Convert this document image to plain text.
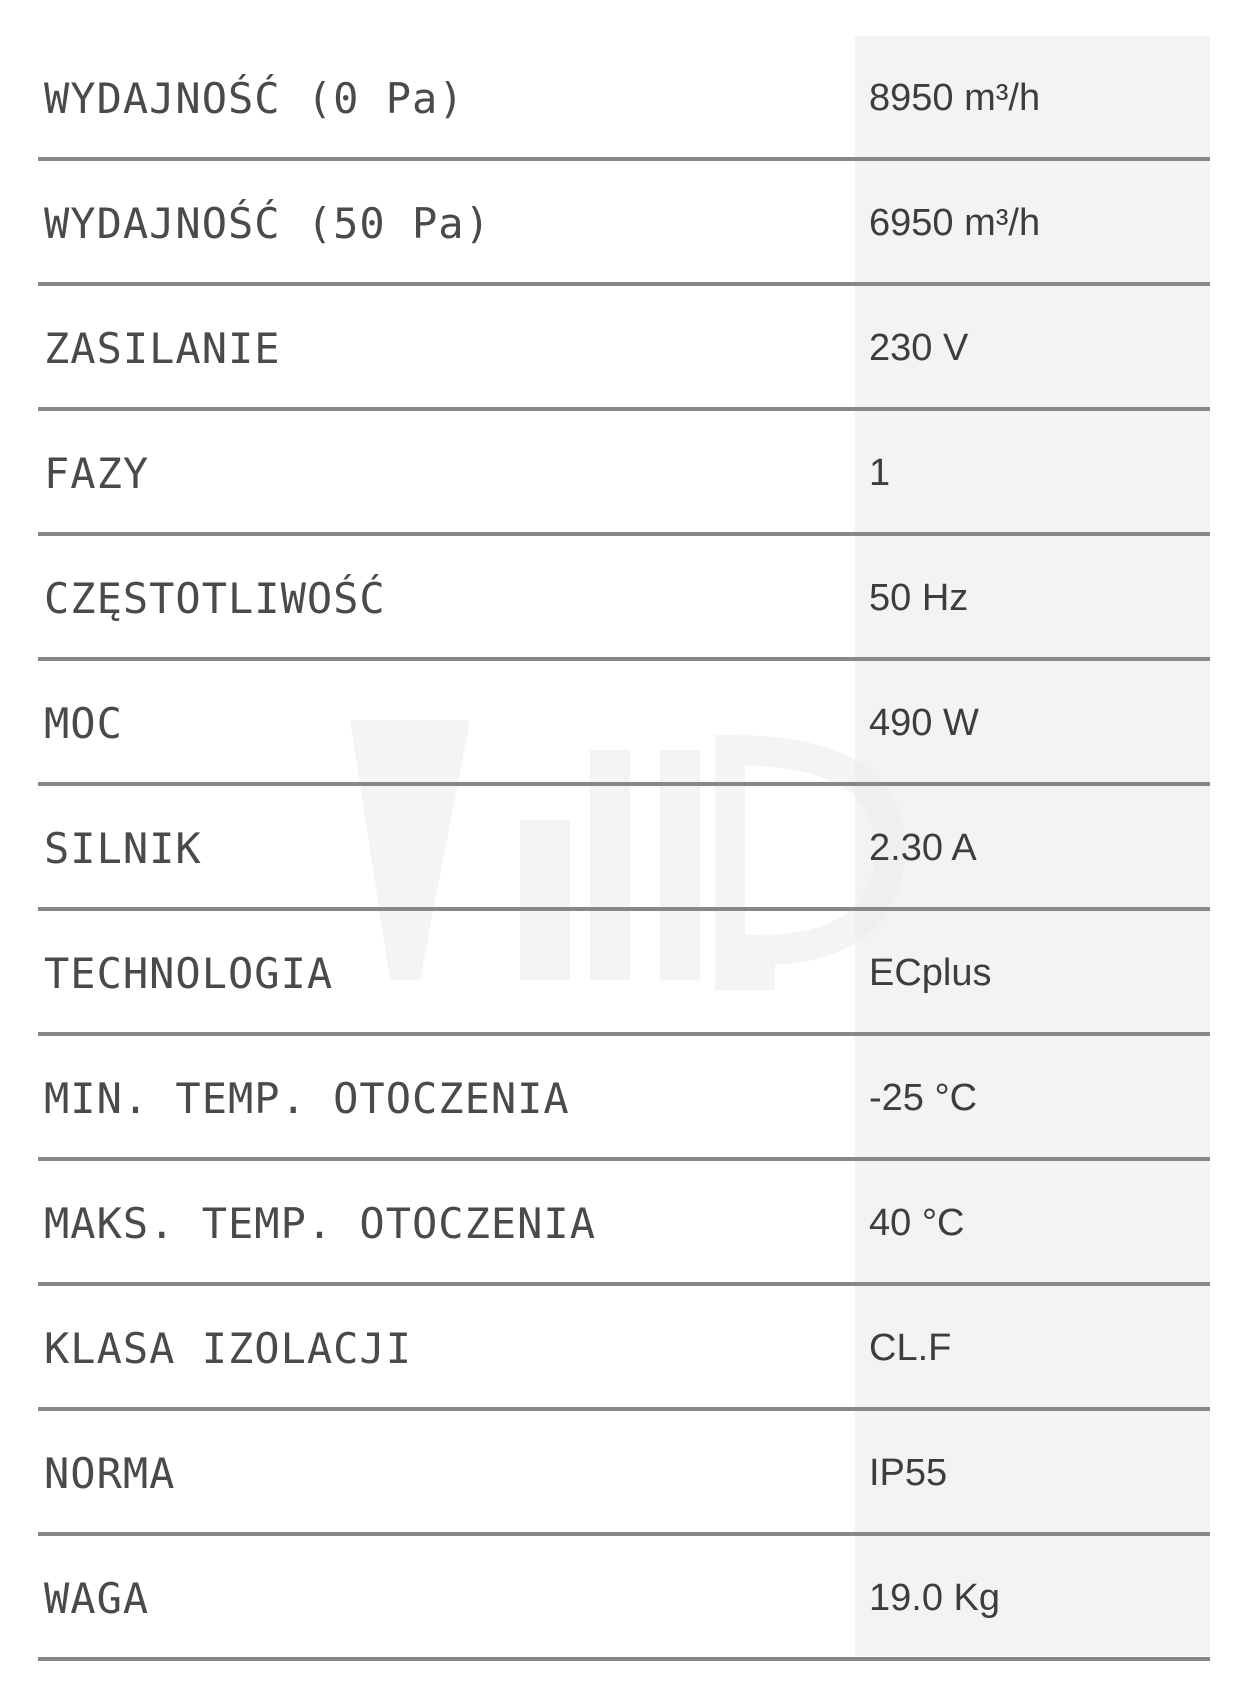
WYDAJNOŚĆ (0 Pa)	8950 m³/h
WYDAJNOŚĆ (50 Pa)	6950 m³/h
ZASILANIE	230 V
FAZY	1
CZĘSTOTLIWOŚĆ	50 Hz
MOC	490 W
SILNIK	2.30 A
TECHNOLOGIA	ECplus
MIN. TEMP. OTOCZENIA	-25 °C
MAKS. TEMP. OTOCZENIA	40 °C
KLASA IZOLACJI	CL.F
NORMA	IP55
WAGA	19.0 Kg
